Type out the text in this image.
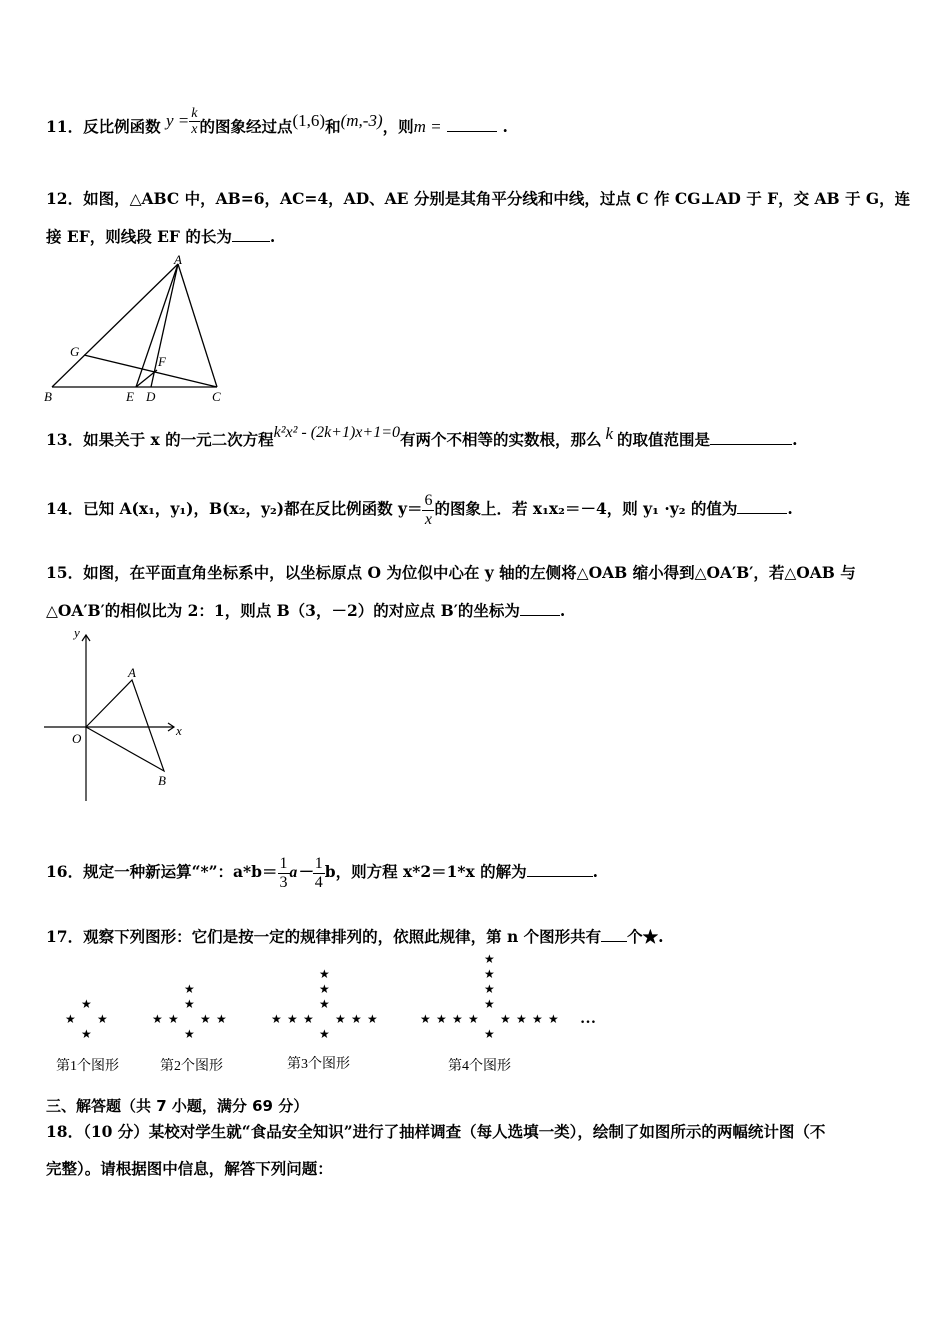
11．反比例函数 $y = \frac{k}{x}$ 的图象经过点(1,6)和(m,-3)，则m =	.
12．如图，△ABC 中，AB=6，AC=4，AD、AE 分别是其角平分线和中线，过点 C 作 CG⊥AD 于 F，交 AB 于 G，连
接 EF，则线段 EF 的长为 .
A
G
F
B	E D	C
13．如果关于 x 的一元二次方程k²x² - (2k+1)x+1=0有两个不相等的实数根，那么 k 的取值范围是	.
14．已知 A(x₁，y₁)，B(x₂，y₂)都在反比例函数 $y= \frac{6}{x}$ 的图象上．若 x₁x₂＝－4，则 y₁ ·y₂ 的值为	.
15．如图，在平面直角坐标系中，以坐标原点 O 为位似中心在 y 轴的左侧将△OAB 缩小得到△OA′B′，若△OAB 与
△OA′B′的相似比为 2：1，则点 B（3，－2）的对应点 B′的坐标为	.
y
x
O
A
B
16．规定一种新运算“*”：$a*b= \frac{1}{3} a- \frac{1}{4}$ b，则方程 x*2＝1*x 的解为	.
17．观察下列图形：它们是按一定的规律排列的，依照此规律，第 n 个图形共有 个★.
★ ★
★
★
★ ★
★
★	★
★
★
★ ★
★
★	★
★
★	★
★
★
★ ★
★
★	★
★
★	★
★
★	★
★
★
…
第1个图形	第2个图形	第3个图形	第4个图形
三、解答题（共 7 小题，满分 69 分）
18．（10 分）某校对学生就“食品安全知识”进行了抽样调查（每人选填一类），绘制了如图所示的两幅统计图（不
完整）。请根据图中信息，解答下列问题：
